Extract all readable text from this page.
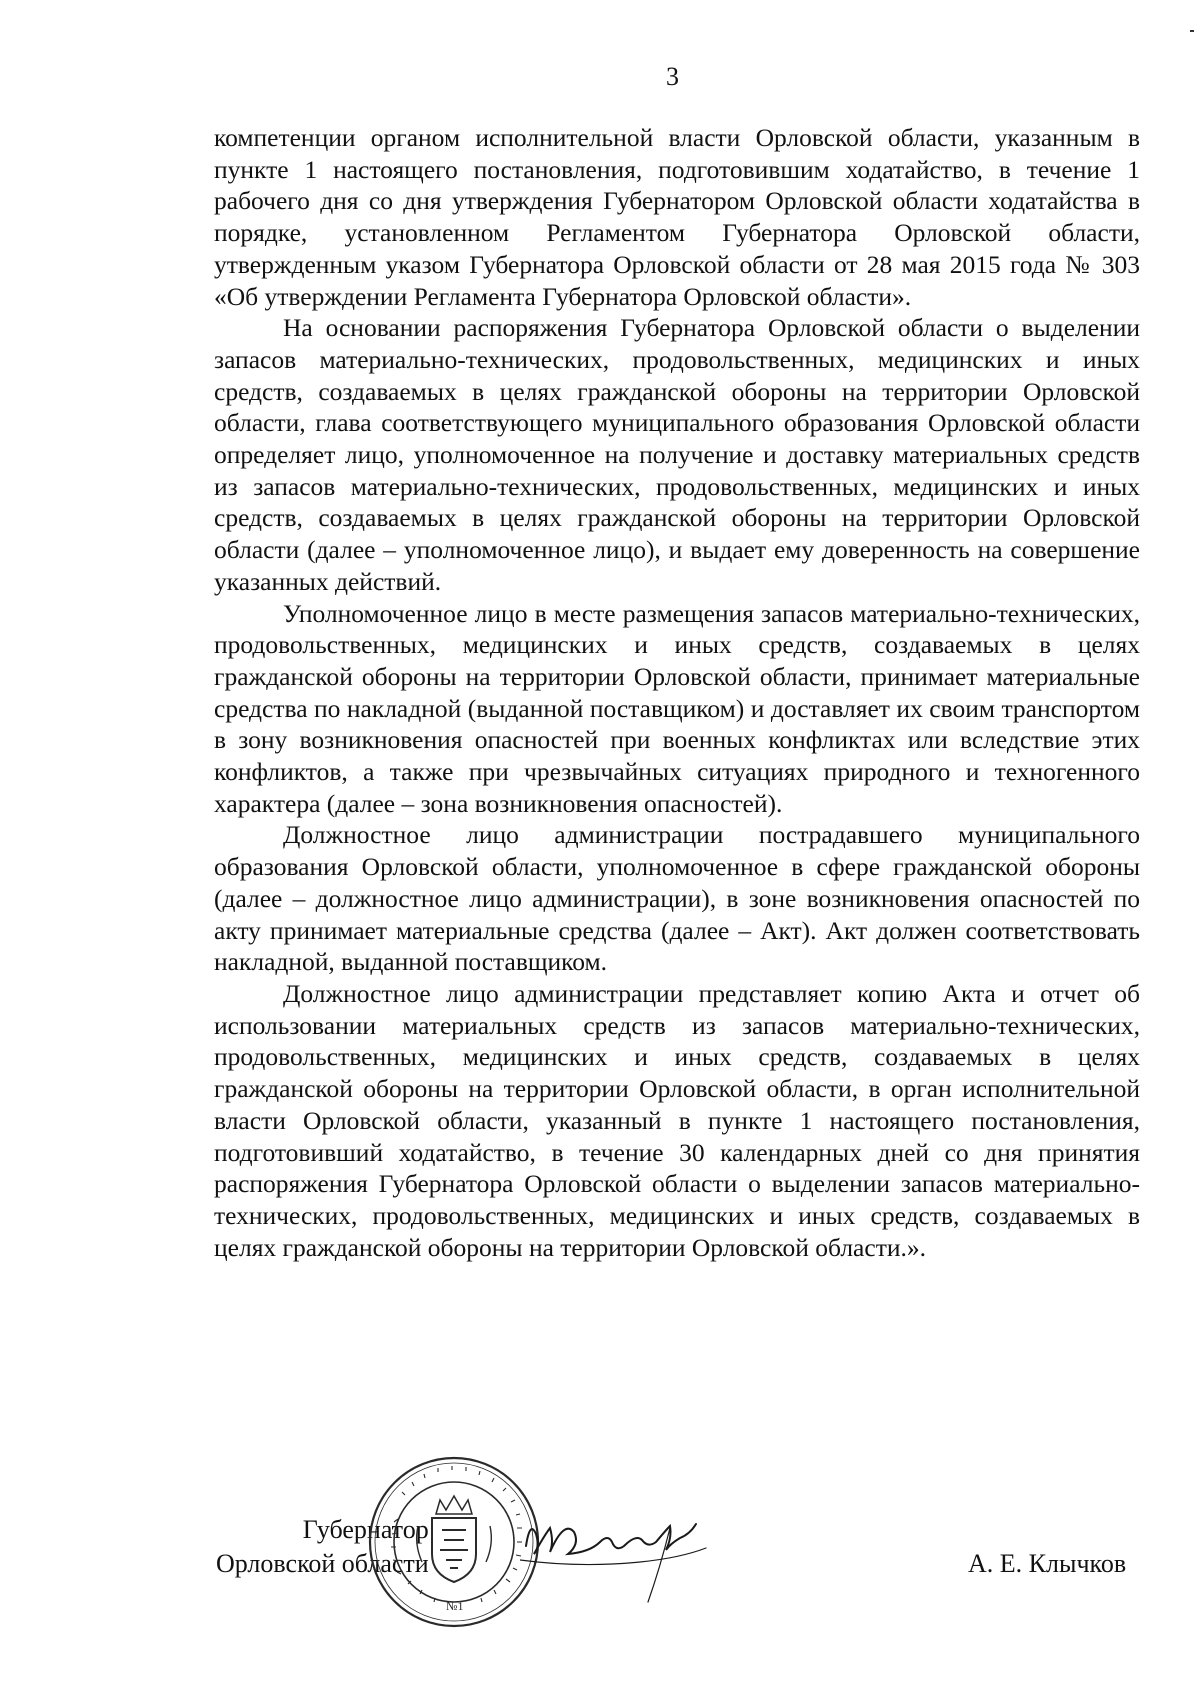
3

компетенции органом исполнительной власти Орловской области, указанным в пункте 1 настоящего постановления, подготовившим ходатайство, в течение 1 рабочего дня со дня утверждения Губернатором Орловской области ходатайства в порядке, установленном Регламентом Губернатора Орловской области, утвержденным указом Губернатора Орловской области от 28 мая 2015 года № 303 «Об утверждении Регламента Губернатора Орловской области».

На основании распоряжения Губернатора Орловской области о выделении запасов материально-технических, продовольственных, медицинских и иных средств, создаваемых в целях гражданской обороны на территории Орловской области, глава соответствующего муниципального образования Орловской области определяет лицо, уполномоченное на получение и доставку материальных средств из запасов материально-технических, продовольственных, медицинских и иных средств, создаваемых в целях гражданской обороны на территории Орловской области (далее – уполномоченное лицо), и выдает ему доверенность на совершение указанных действий.

Уполномоченное лицо в месте размещения запасов материально-технических, продовольственных, медицинских и иных средств, создаваемых в целях гражданской обороны на территории Орловской области, принимает материальные средства по накладной (выданной поставщиком) и доставляет их своим транспортом в зону возникновения опасностей при военных конфликтах или вследствие этих конфликтов, а также при чрезвычайных ситуациях природного и техногенного характера (далее – зона возникновения опасностей).

Должностное лицо администрации пострадавшего муниципального образования Орловской области, уполномоченное в сфере гражданской обороны (далее – должностное лицо администрации), в зоне возникновения опасностей по акту принимает материальные средства (далее – Акт). Акт должен соответствовать накладной, выданной поставщиком.

Должностное лицо администрации представляет копию Акта и отчет об использовании материальных средств из запасов материально-технических, продовольственных, медицинских и иных средств, создаваемых в целях гражданской обороны на территории Орловской области, в орган исполнительной власти Орловской области, указанный в пункте 1 настоящего постановления, подготовивший ходатайство, в течение 30 календарных дней со дня принятия распоряжения Губернатора Орловской области о выделении запасов материально-технических, продовольственных, медицинских и иных средств, создаваемых в целях гражданской обороны на территории Орловской области.».

Губернатор
Орловской области
№1
А. Е. Клычков
